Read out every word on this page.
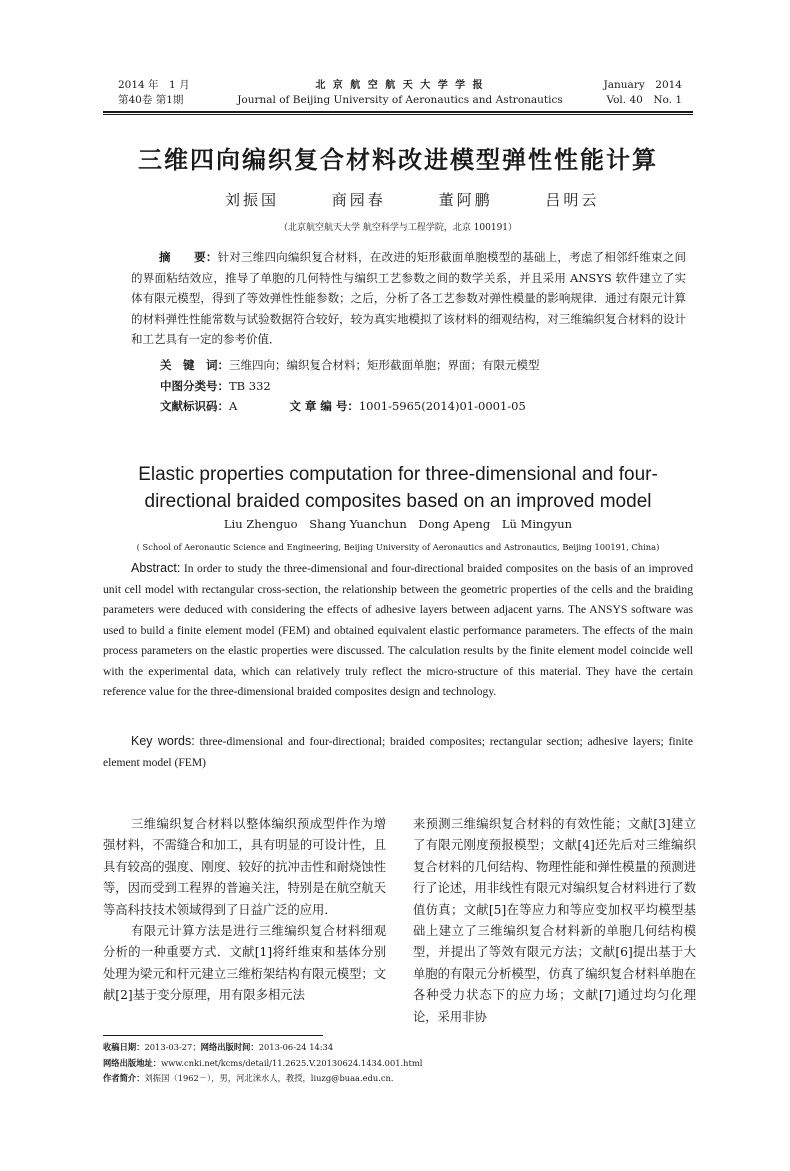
2014 年　1 月
第40卷 第1期
北 京 航 空 航 天 大 学 学 报
Journal of Beijing University of Aeronautics and Astronautics
January　2014
Vol. 40　No. 1
三维四向编织复合材料改进模型弹性性能计算
刘振国	商园春	董阿鹏	吕明云
（北京航空航天大学 航空科学与工程学院，北京 100191）

摘　　要：针对三维四向编织复合材料，在改进的矩形截面单胞模型的基础上，考虑了相邻纤维束之间的界面粘结效应，推导了单胞的几何特性与编织工艺参数之间的数学关系，并且采用 ANSYS 软件建立了实体有限元模型，得到了等效弹性性能参数；之后，分析了各工艺参数对弹性模量的影响规律．通过有限元计算的材料弹性性能常数与试验数据符合较好，较为真实地模拟了该材料的细观结构，对三维编织复合材料的设计和工艺具有一定的参考价值．

关　键　词：三维四向；编织复合材料；矩形截面单胞；界面；有限元模型
中图分类号：TB 332
文献标识码：A	文 章 编 号：1001-5965(2014)01-0001-05
Elastic properties computation for three-dimensional and four-directional braided composites based on an improved model
Liu Zhenguo Shang Yuanchun Dong Apeng Lü Mingyun
( School of Aeronautic Science and Engineering, Beijing University of Aeronautics and Astronautics, Beijing 100191, China)

Abstract: In order to study the three-dimensional and four-directional braided composites on the basis of an improved unit cell model with rectangular cross-section, the relationship between the geometric properties of the cells and the braiding parameters were deduced with considering the effects of adhesive layers between adjacent yarns. The ANSYS software was used to build a finite element model (FEM) and obtained equivalent elastic performance parameters. The effects of the main process parameters on the elastic properties were discussed. The calculation results by the finite element model coincide well with the experimental data, which can relatively truly reflect the micro-structure of this material. They have the certain reference value for the three-dimensional braided composites design and technology.

Key words: three-dimensional and four-directional; braided composites; rectangular section; adhesive layers; finite element model (FEM)

三维编织复合材料以整体编织预成型件作为增强材料，不需缝合和加工，具有明显的可设计性，且具有较高的强度、刚度、较好的抗冲击性和耐烧蚀性等，因而受到工程界的普遍关注，特别是在航空航天等高科技技术领域得到了日益广泛的应用．

有限元计算方法是进行三维编织复合材料细观分析的一种重要方式．文献[1]将纤维束和基体分别处理为梁元和杆元建立三维桁架结构有限元模型；文献[2]基于变分原理，用有限多相元法

来预测三维编织复合材料的有效性能；文献[3]建立了有限元刚度预报模型；文献[4]还先后对三维编织复合材料的几何结构、物理性能和弹性模量的预测进行了论述，用非线性有限元对编织复合材料进行了数值仿真；文献[5]在等应力和等应变加权平均模型基础上建立了三维编织复合材料新的单胞几何结构模型，并提出了等效有限元方法；文献[6]提出基于大单胞的有限元分析模型，仿真了编织复合材料单胞在各种受力状态下的应力场；文献[7]通过均匀化理论，采用非协

收稿日期：2013-03-27；网络出版时间：2013-06-24 14:34

网络出版地址：www.cnki.net/kcms/detail/11.2625.V.20130624.1434.001.html

作者简介：刘振国（1962－），男，河北涞水人，教授，liuzg@buaa.edu.cn.
